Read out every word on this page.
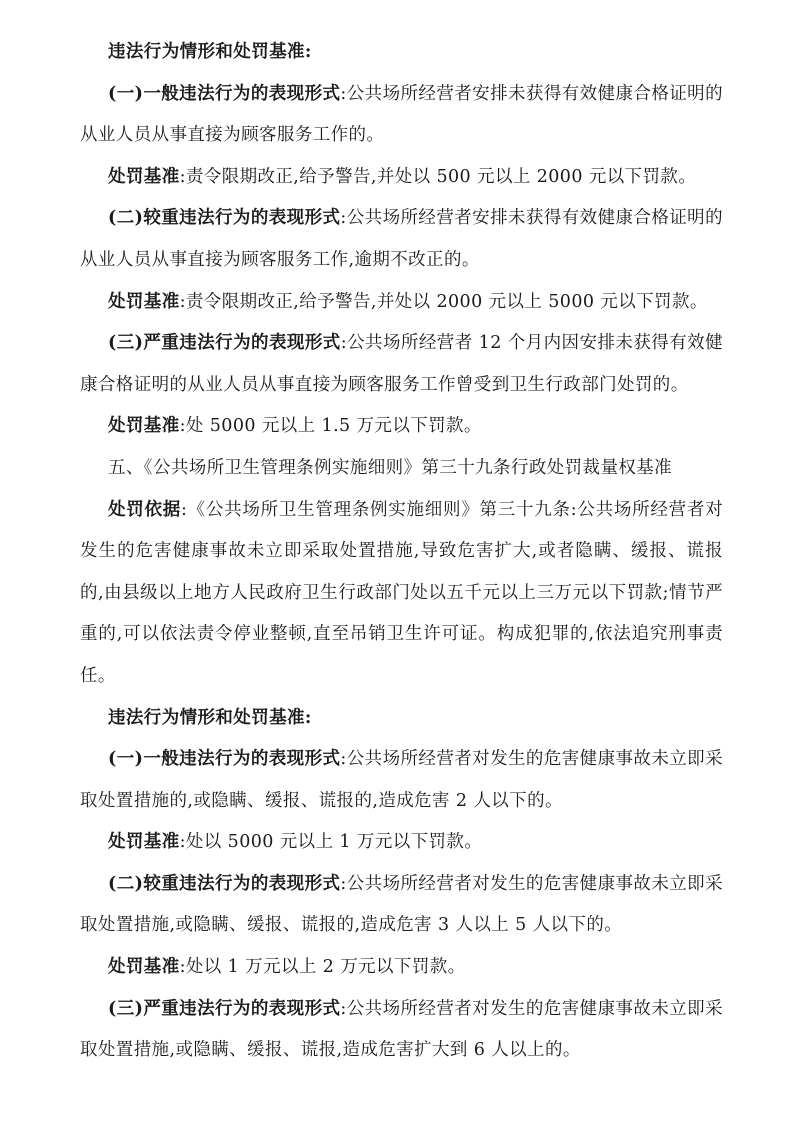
违法行为情形和处罚基准:

(一)一般违法行为的表现形式:公共场所经营者安排未获得有效健康合格证明的从业人员从事直接为顾客服务工作的。

处罚基准:责令限期改正,给予警告,并处以 500 元以上 2000 元以下罚款。

(二)较重违法行为的表现形式:公共场所经营者安排未获得有效健康合格证明的从业人员从事直接为顾客服务工作,逾期不改正的。

处罚基准:责令限期改正,给予警告,并处以 2000 元以上 5000 元以下罚款。

(三)严重违法行为的表现形式:公共场所经营者 12 个月内因安排未获得有效健康合格证明的从业人员从事直接为顾客服务工作曾受到卫生行政部门处罚的。

处罚基准:处 5000 元以上 1.5 万元以下罚款。

五、《公共场所卫生管理条例实施细则》第三十九条行政处罚裁量权基准

处罚依据:《公共场所卫生管理条例实施细则》第三十九条:公共场所经营者对发生的危害健康事故未立即采取处置措施,导致危害扩大,或者隐瞒、缓报、谎报的,由县级以上地方人民政府卫生行政部门处以五千元以上三万元以下罚款;情节严重的,可以依法责令停业整顿,直至吊销卫生许可证。构成犯罪的,依法追究刑事责任。

违法行为情形和处罚基准:

(一)一般违法行为的表现形式:公共场所经营者对发生的危害健康事故未立即采取处置措施的,或隐瞒、缓报、谎报的,造成危害 2 人以下的。

处罚基准:处以 5000 元以上 1 万元以下罚款。

(二)较重违法行为的表现形式:公共场所经营者对发生的危害健康事故未立即采取处置措施,或隐瞒、缓报、谎报的,造成危害 3 人以上 5 人以下的。

处罚基准:处以 1 万元以上 2 万元以下罚款。

(三)严重违法行为的表现形式:公共场所经营者对发生的危害健康事故未立即采取处置措施,或隐瞒、缓报、谎报,造成危害扩大到 6 人以上的。
